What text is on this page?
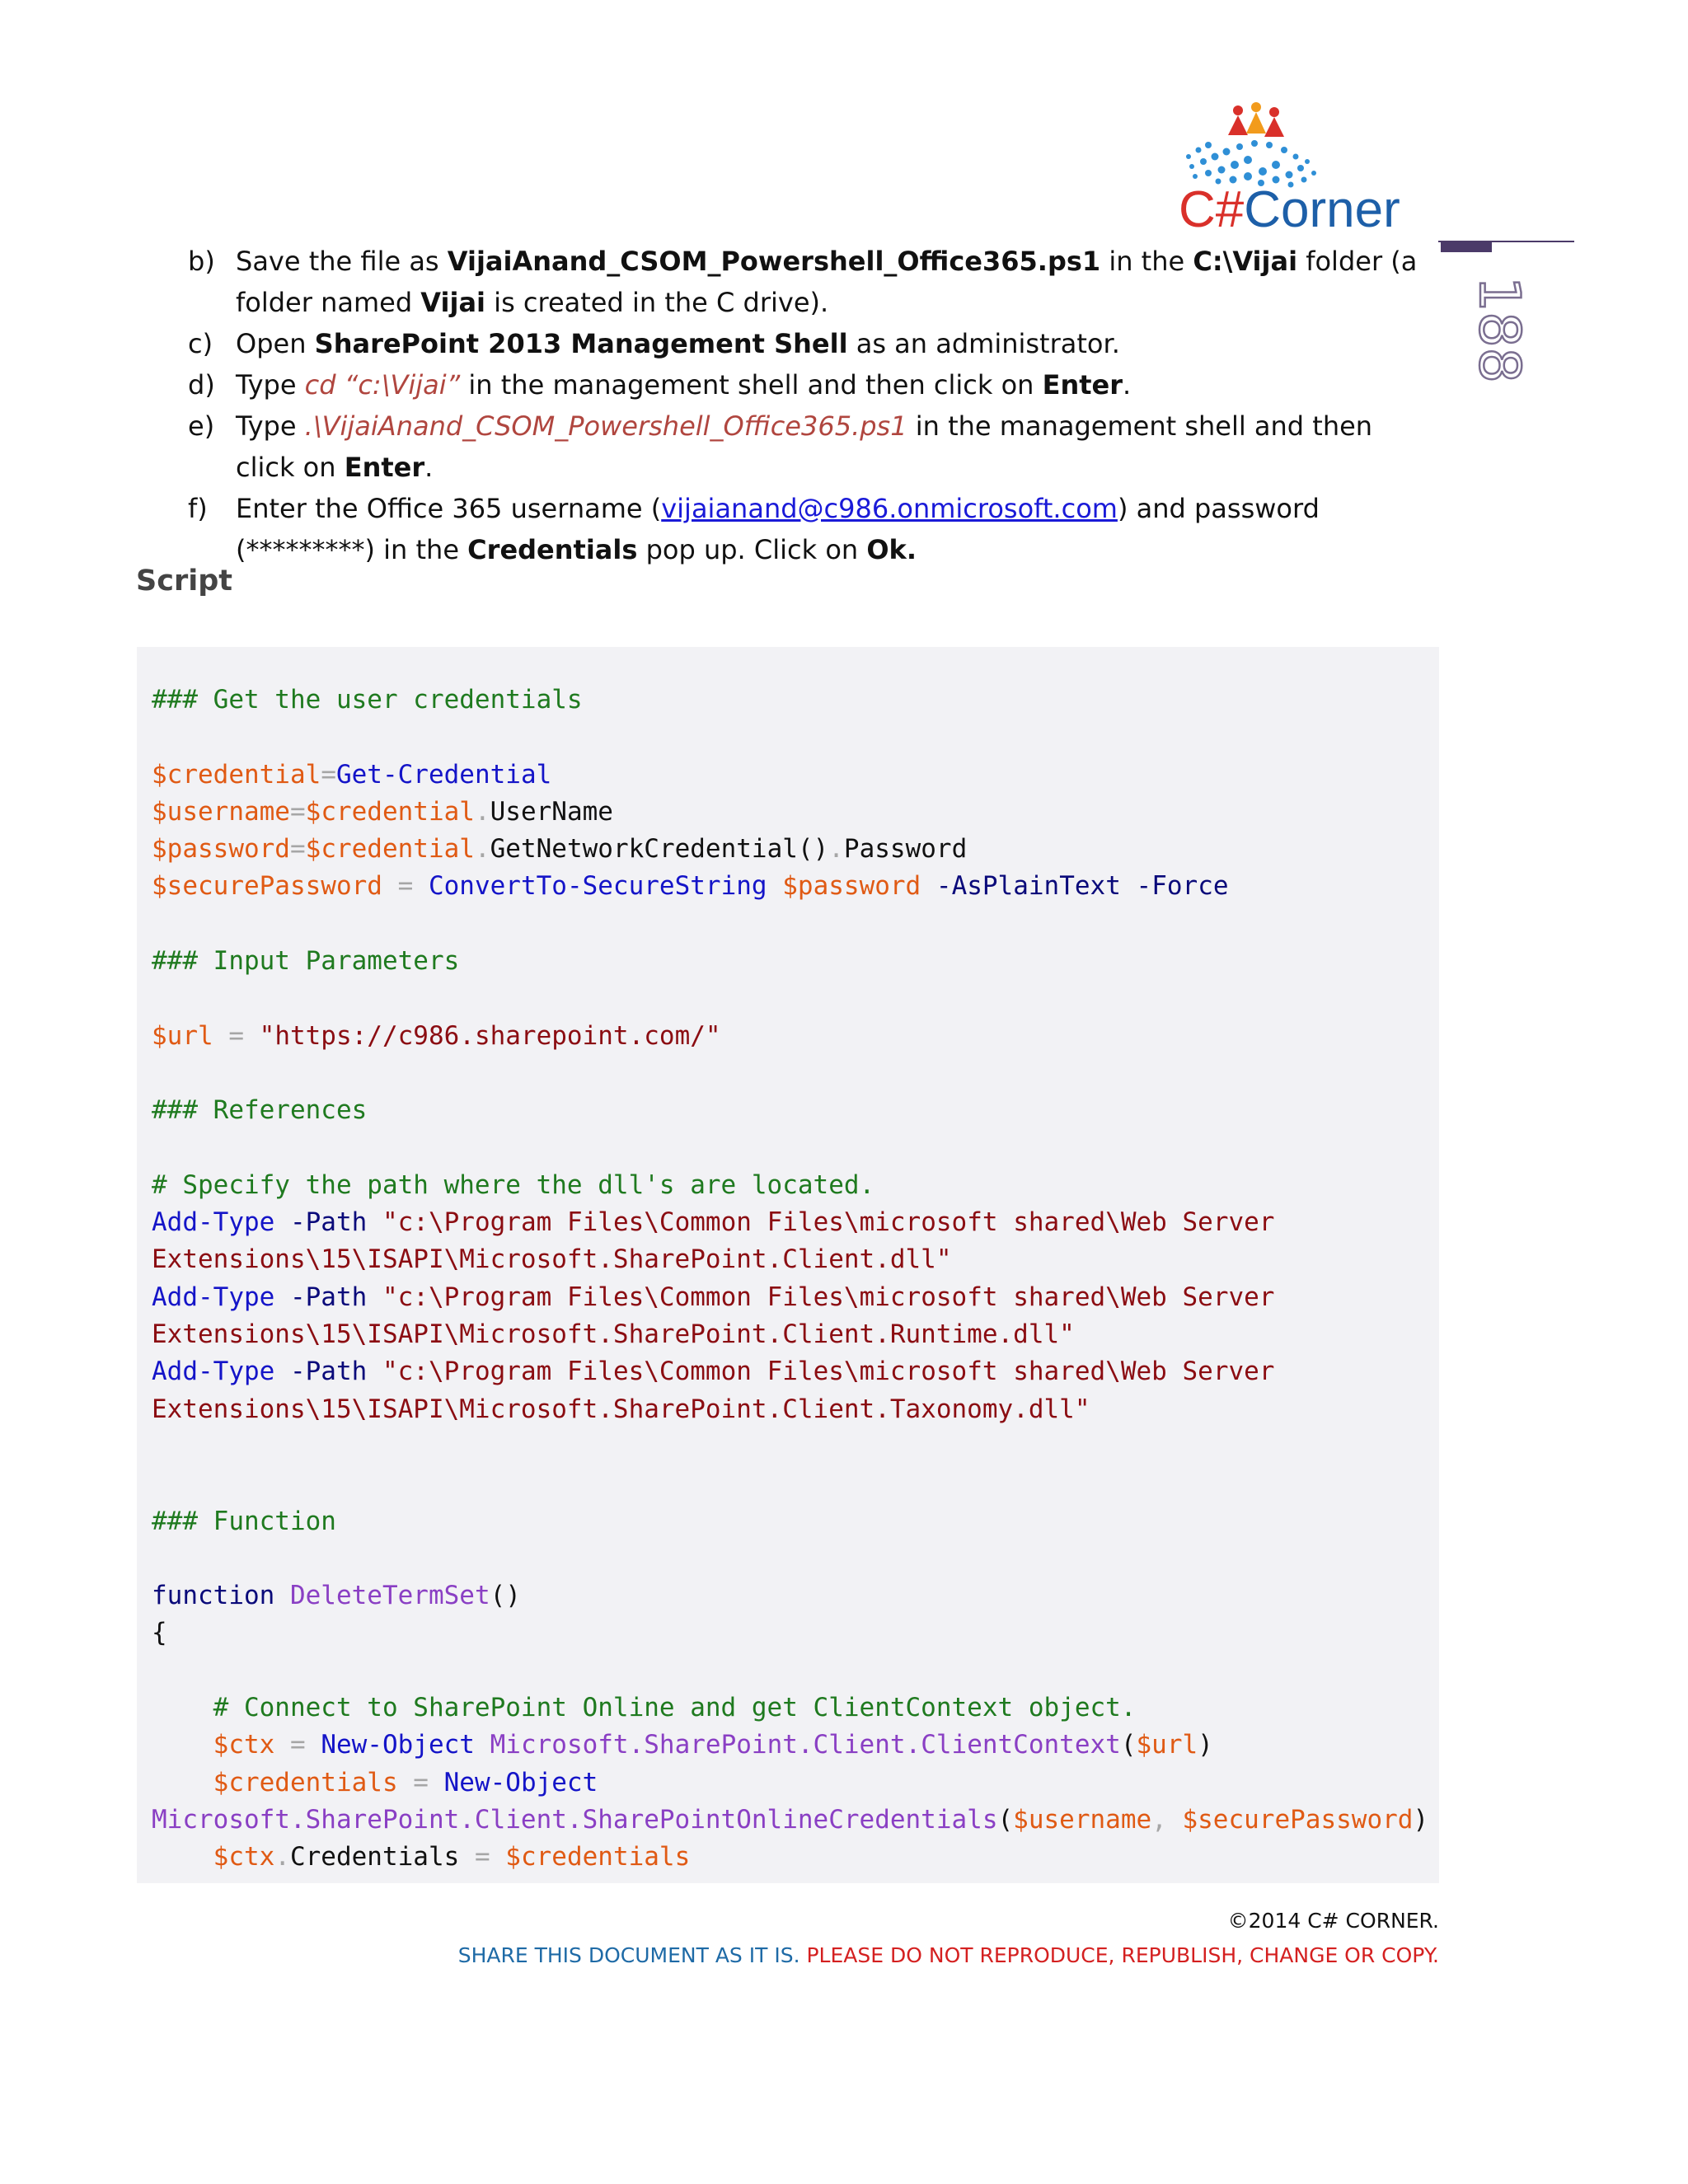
C#Corner
188
b) Save the file as VijaiAnand_CSOM_Powershell_Office365.ps1 in the C:\Vijai folder (a folder named Vijai is created in the C drive).
c) Open SharePoint 2013 Management Shell as an administrator.
d) Type cd “c:\Vijai” in the management shell and then click on Enter.
e) Type .\VijaiAnand_CSOM_Powershell_Office365.ps1 in the management shell and then click on Enter.
f) Enter the Office 365 username (vijaianand@c986.onmicrosoft.com) and password (*********) in the Credentials pop up. Click on Ok.
Script
### Get the user credentials

$credential=Get-Credential
$username=$credential.UserName
$password=$credential.GetNetworkCredential().Password
$securePassword = ConvertTo-SecureString $password -AsPlainText -Force

### Input Parameters

$url = "https://c986.sharepoint.com/"

### References

# Specify the path where the dll's are located.
Add-Type -Path "c:\Program Files\Common Files\microsoft shared\Web Server
Extensions\15\ISAPI\Microsoft.SharePoint.Client.dll"
Add-Type -Path "c:\Program Files\Common Files\microsoft shared\Web Server
Extensions\15\ISAPI\Microsoft.SharePoint.Client.Runtime.dll"
Add-Type -Path "c:\Program Files\Common Files\microsoft shared\Web Server
Extensions\15\ISAPI\Microsoft.SharePoint.Client.Taxonomy.dll"

### Function

function DeleteTermSet()
{

# Connect to SharePoint Online and get ClientContext object.
$ctx = New-Object Microsoft.SharePoint.Client.ClientContext($url)
$credentials = New-Object
Microsoft.SharePoint.Client.SharePointOnlineCredentials($username, $securePassword)
$ctx.Credentials = $credentials
©2014 C# CORNER.
SHARE THIS DOCUMENT AS IT IS. PLEASE DO NOT REPRODUCE, REPUBLISH, CHANGE OR COPY.
